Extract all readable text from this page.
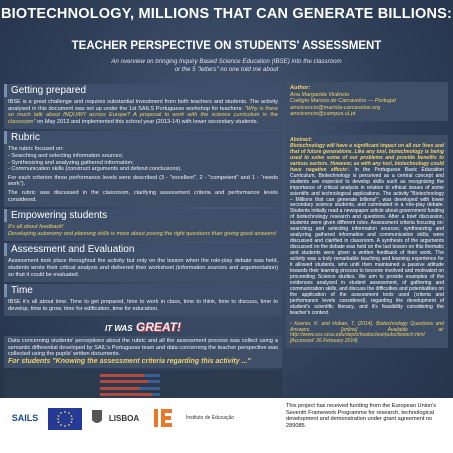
BIOTECHNOLOGY, MILLIONS THAT CAN GENERATE BILLIONS:
TEACHER PERSPECTIVE ON STUDENTS' ASSESSMENT
An overview on bringing Inquiry Based Science Education (IBSE) into the classroom
or the 5 "letters" no one told me about
Getting prepared

IBSE is a great challenge and requires substantial investment from both teachers and students. The activity analysed in this document was set up under the 1st SAILS Portuguese workshop for teachers: "Why is there so much talk about INQUIRY across Europe? A proposal to work with the science curriculum in the classroom" on May 2013 and implemented this school year (2013-14) with lower secondary students.

Rubric

The rubric focused on:

- Searching and selecting information sources;

- Synthesizing and analyzing gathered information;

- Communication skills (construct arguments and defend conclusions).

For each criterion three performance levels were described (3 - "excellent", 2 - "competent" and 1 - "needs work").

The rubric was discussed in the classroom, clarifying assessment criteria and performance levels considered.

Empowering students

It's all about feedback!

Developing autonomy and planning skills is more about posing the right questions than giving good answers!

Assessment and Evaluation

Assessment took place throughout the activity but only on the lesson when the role-play debate was held, students wrote their critical analysis and delivered their worksheet (information sources and argumentation) so that it could be evaluated.

Time

IBSE it's all about time. Time to get prepared, time to work in class, time to think, time to discuss, time to develop, time to grow, time for edification, time for education.

IT WAS GREAT!

Data concerning students' perceptions about the rubric and all the assessment process was collect using a semantic differential developed by SAIL's Portuguese team and data concerning the teacher perspective was collected using the pupils' written documents.

For students "Knowing the assessment criteria regarding this activity ..."

Author:
Ana Margarida Vicêncio
Colégio Marista de Carcavelos — Portugal
amvicencio@marista-carcavelos.org
amvicencio@campus.ul.pt
Abstract:
Biotechnology will have a significant impact on all our lives and that of future generations. Like any tool, biotechnology is being used to solve some of our problems and provide benefits to various sectors. However, as with any tool, biotechnology could have negative effects¹. In the Portuguese Basic Education Curriculum, Biotechnology is perceived as a central concept and students are expected to develop skills such as recognizing the importance of critical analysis in relation to ethical issues of some scientific and technological applications. The activity "Biotechnology – Millions that can generate billions!", was developed with lower secondary science students, and culminated in a role-play debate. Students initially read a newspaper article about government funding of biotechnology research and questions. After a brief discussion, students were given different roles. Assessment criteria focusing on: searching and selecting information sources; synthesizing and analyzing gathered information and communication skills; were discussed and clarified in classroom. A synthesis of the arguments discussed on the debate was held on the last lesson on this thematic and students were given a written feedback of their work. The activity was a truly remarkable teaching and learning experience for it allowed students, who until then maintained a passive attitude towards their learning process to become involved and motivated on proceeding Science studies. We aim to provide examples of the evidences analyzed in student assessment, of gathering and communication skills, and discuss the difficulties and potentialities on the application of the assessment tools used (criteria and performance levels considered), regarding the development of student's scientific literacy, and it's feasibility considering the teacher's context.
¹ Keener, K. and Hoban, T. (2014). Biotechnology Questions and Answers. [online] Available at: http://www.ces.ncsu.edu/depts/foodsci/ext/pubs/biotech.html [Accessed: 26 February 2014].
SAILS	LISBOA	Instituto de Educação
This project has received funding from the European Union's Seventh Framework Programme for research, technological development and demonstration under grant agreement no 289085.
